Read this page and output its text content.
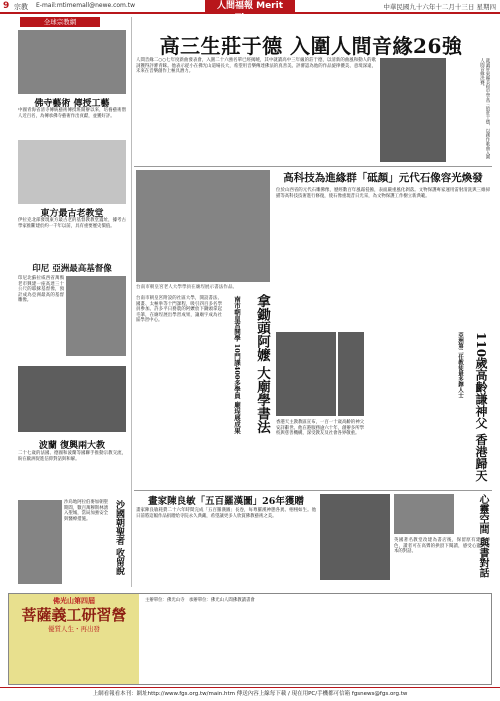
9 宗教 E-mail:mtimemall@newe.com.tw	人間福報 Merit Times
中華民國九十六年十二月十三日 星期四
全球宗教網
佛寺藝術 傳授工藝
中國青海省清寺傳統藝術傳授班開辦以來，培養藝術僧人近百名，為傳承佛寺藝術作出貢獻，並獲好評。
東方最古老教堂
伊拉克北部發現東方最古老的基督教教堂遺址，據考古學家推斷建於約一千年以前，具有重要歷史價值。
印尼 亞洲最高基督像
印尼北蘇拉威西省萬鴉老市興建一座高達三十公尺的耶穌基督像，預計成為亞洲最高的基督雕像。
波蘭 復興兩大教
二十七歲的法國、德國和波蘭等國聯手推動宗教交流，盼在歐洲促進信仰對話與和解。
沙烏地阿拉伯麥加朝聖期間，數百萬穆斯林湧入聖城，當局加強安全與醫療措施。	沙國朝聖者 收留說
高三生莊于德 入圍人間音緣26強
人間音緣二○○七年度新曲發表會，入圍二十六強名單已經揭曉，其中就讀高中三年級的莊于德，以清新的曲風和動人的歌詞獲得評審青睞。他表示從小在佛光山道場長大，希望用音樂傳達佛法的真善美。評審認為他的作品旋律優美、意境深遠，未來在音樂創作上極具潛力。	就讀屏東縣美和中學高三的莊于德，以創作歌曲入圍人間音緣決賽。
高科技為進緣群「砥顏」元代石像容光煥發
位於山西省的元代石雕佛像，歷經數百年風霜侵蝕，表面嚴重風化剝落。文物保護專家運用雷射清洗與三維掃描等高科技技術進行修復，使石像重現昔日光采，為文物保護工作樹立新典範。
台南市朝皇宮老人大學學員在廟埕展示書法作品。
拿鋤頭阿嬤 大廟學書法
南市朝皇宮開學 10門課400多學員 廟埕展成果
台南市朝皇宮附設的社區大學，開設書法、國畫、太極拳等十門課程，吸引四百多名學員參加。許多平日務農的阿嬤放下鋤頭拿起毛筆，在廟埕展出學習成果，讓廟宇成為社區學習中心。
香港天主教教區宣布，一百一十歲高齡的神父安詳辭世。他在港服務逾六十年，創辦多所學校與慈善機構，深受教友及社會各界敬重。	110歲高齡謙神父 香港歸天
亞洲第二任教徒最多鐸人士
畫家陳良敏「五百羅漢圖」26年獲贈
畫家陳良敏耗費二十六年時間完成「五百羅漢圖」長卷，每尊羅漢神態各異、栩栩如生。他日前將這幅作品捐贈給寺院永久典藏，希望讓更多人欣賞佛教藝術之美。	心靈空間 與書對話
英國著名教堂改建為書店後，保留原有建築特色，讀者可在高聳的拱頂下閱讀，感受心靈與書本的對話。
佛光山第四屆
菩薩義工研習營
優質人生・再出發
主辦單位：佛光山寺　承辦單位：佛光山人間佛教讀書會
上網看報看本刊：網址http://www.fgs.org.tw/main.htm 傳送內容上線每下載 / 現在用PC/手機都可信箱 fgsnews@fgs.org.tw
